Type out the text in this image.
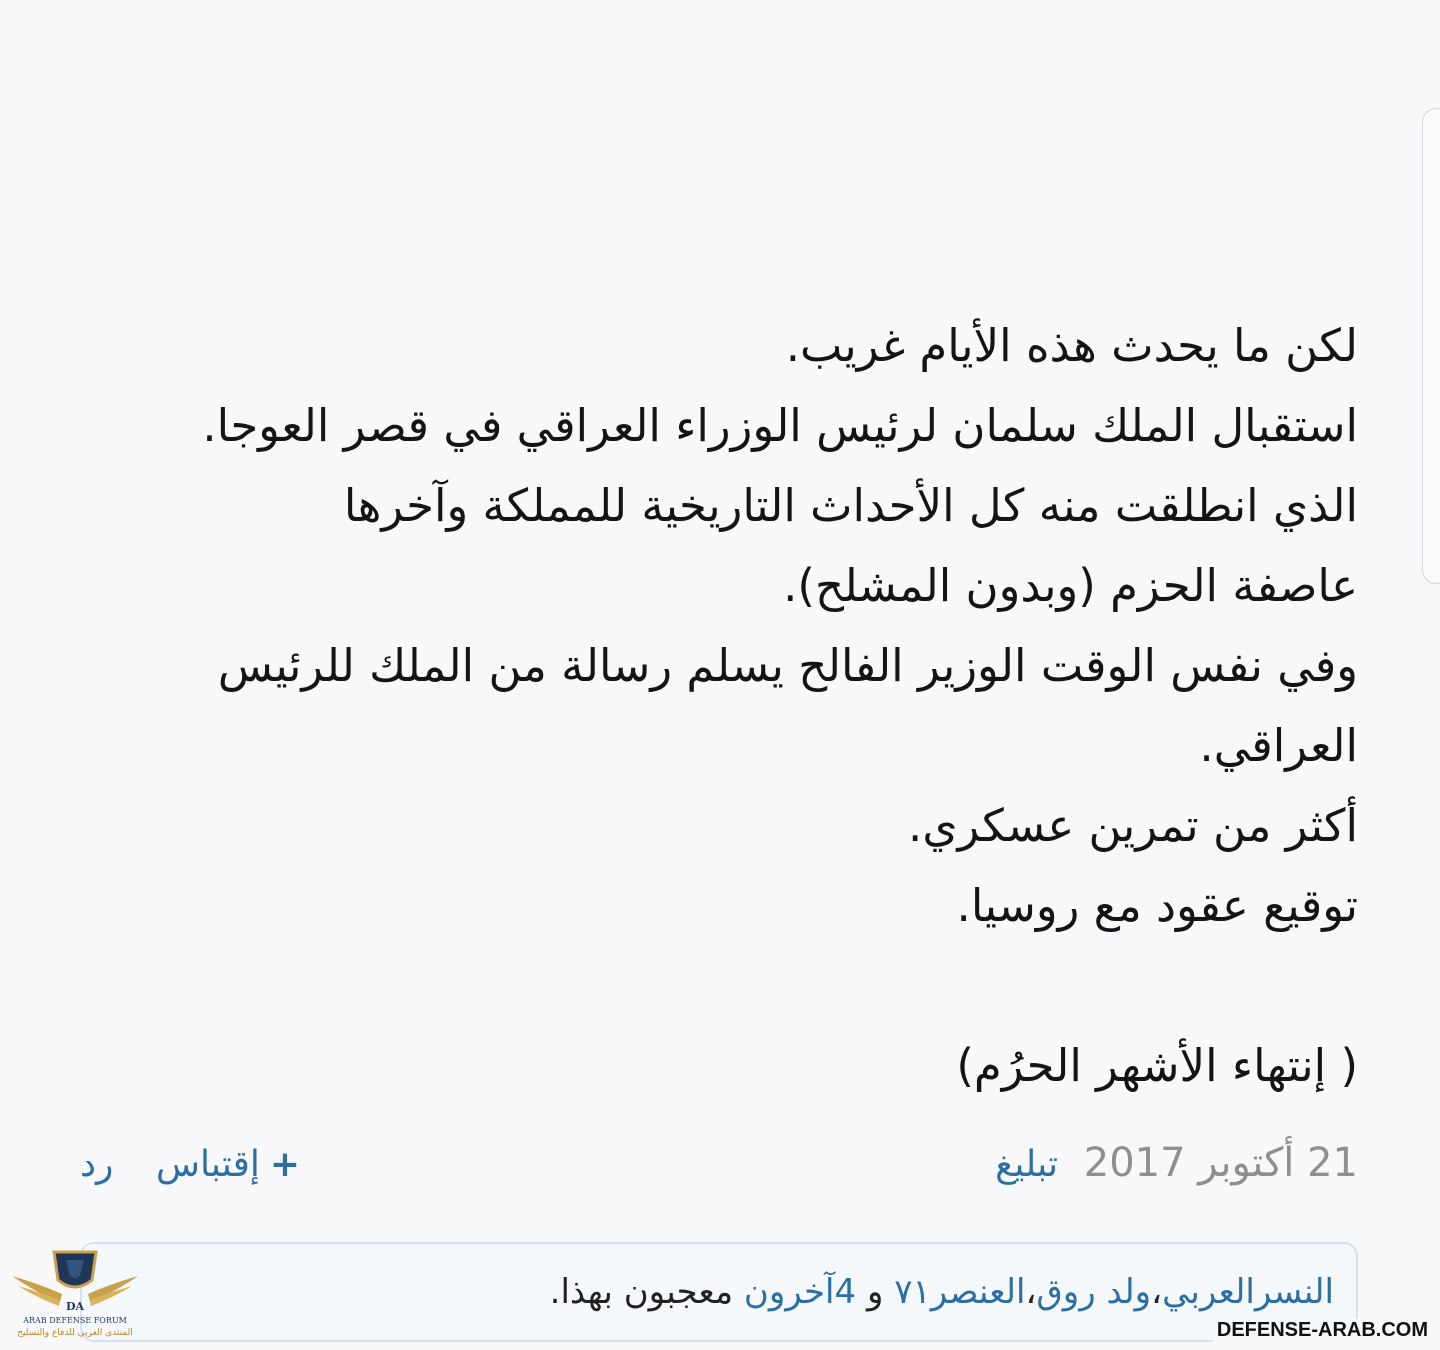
لكن ما يحدث هذه الأيام غريب.
استقبال الملك سلمان لرئيس الوزراء العراقي في قصر العوجا.
الذي انطلقت منه كل الأحداث التاريخية للمملكة وآخرها
عاصفة الحزم (وبدون المشلح).
وفي نفس الوقت الوزير الفالح يسلم رسالة من الملك للرئيس
العراقي.
أكثر من تمرين عسكري.
توقيع عقود مع روسيا.
( إنتهاء الأشهر الحرُم)
21 أكتوبر 2017
تبليغ
+إقتباس
رد
النسرالعربي،ولد روق،العنصر٧١ و 4آخرون معجبون بهذا.
DA
ARAB DEFENSE FORUM
المنتدى العربي للدفاع والتسليح	DEFENSE-ARAB.COM
